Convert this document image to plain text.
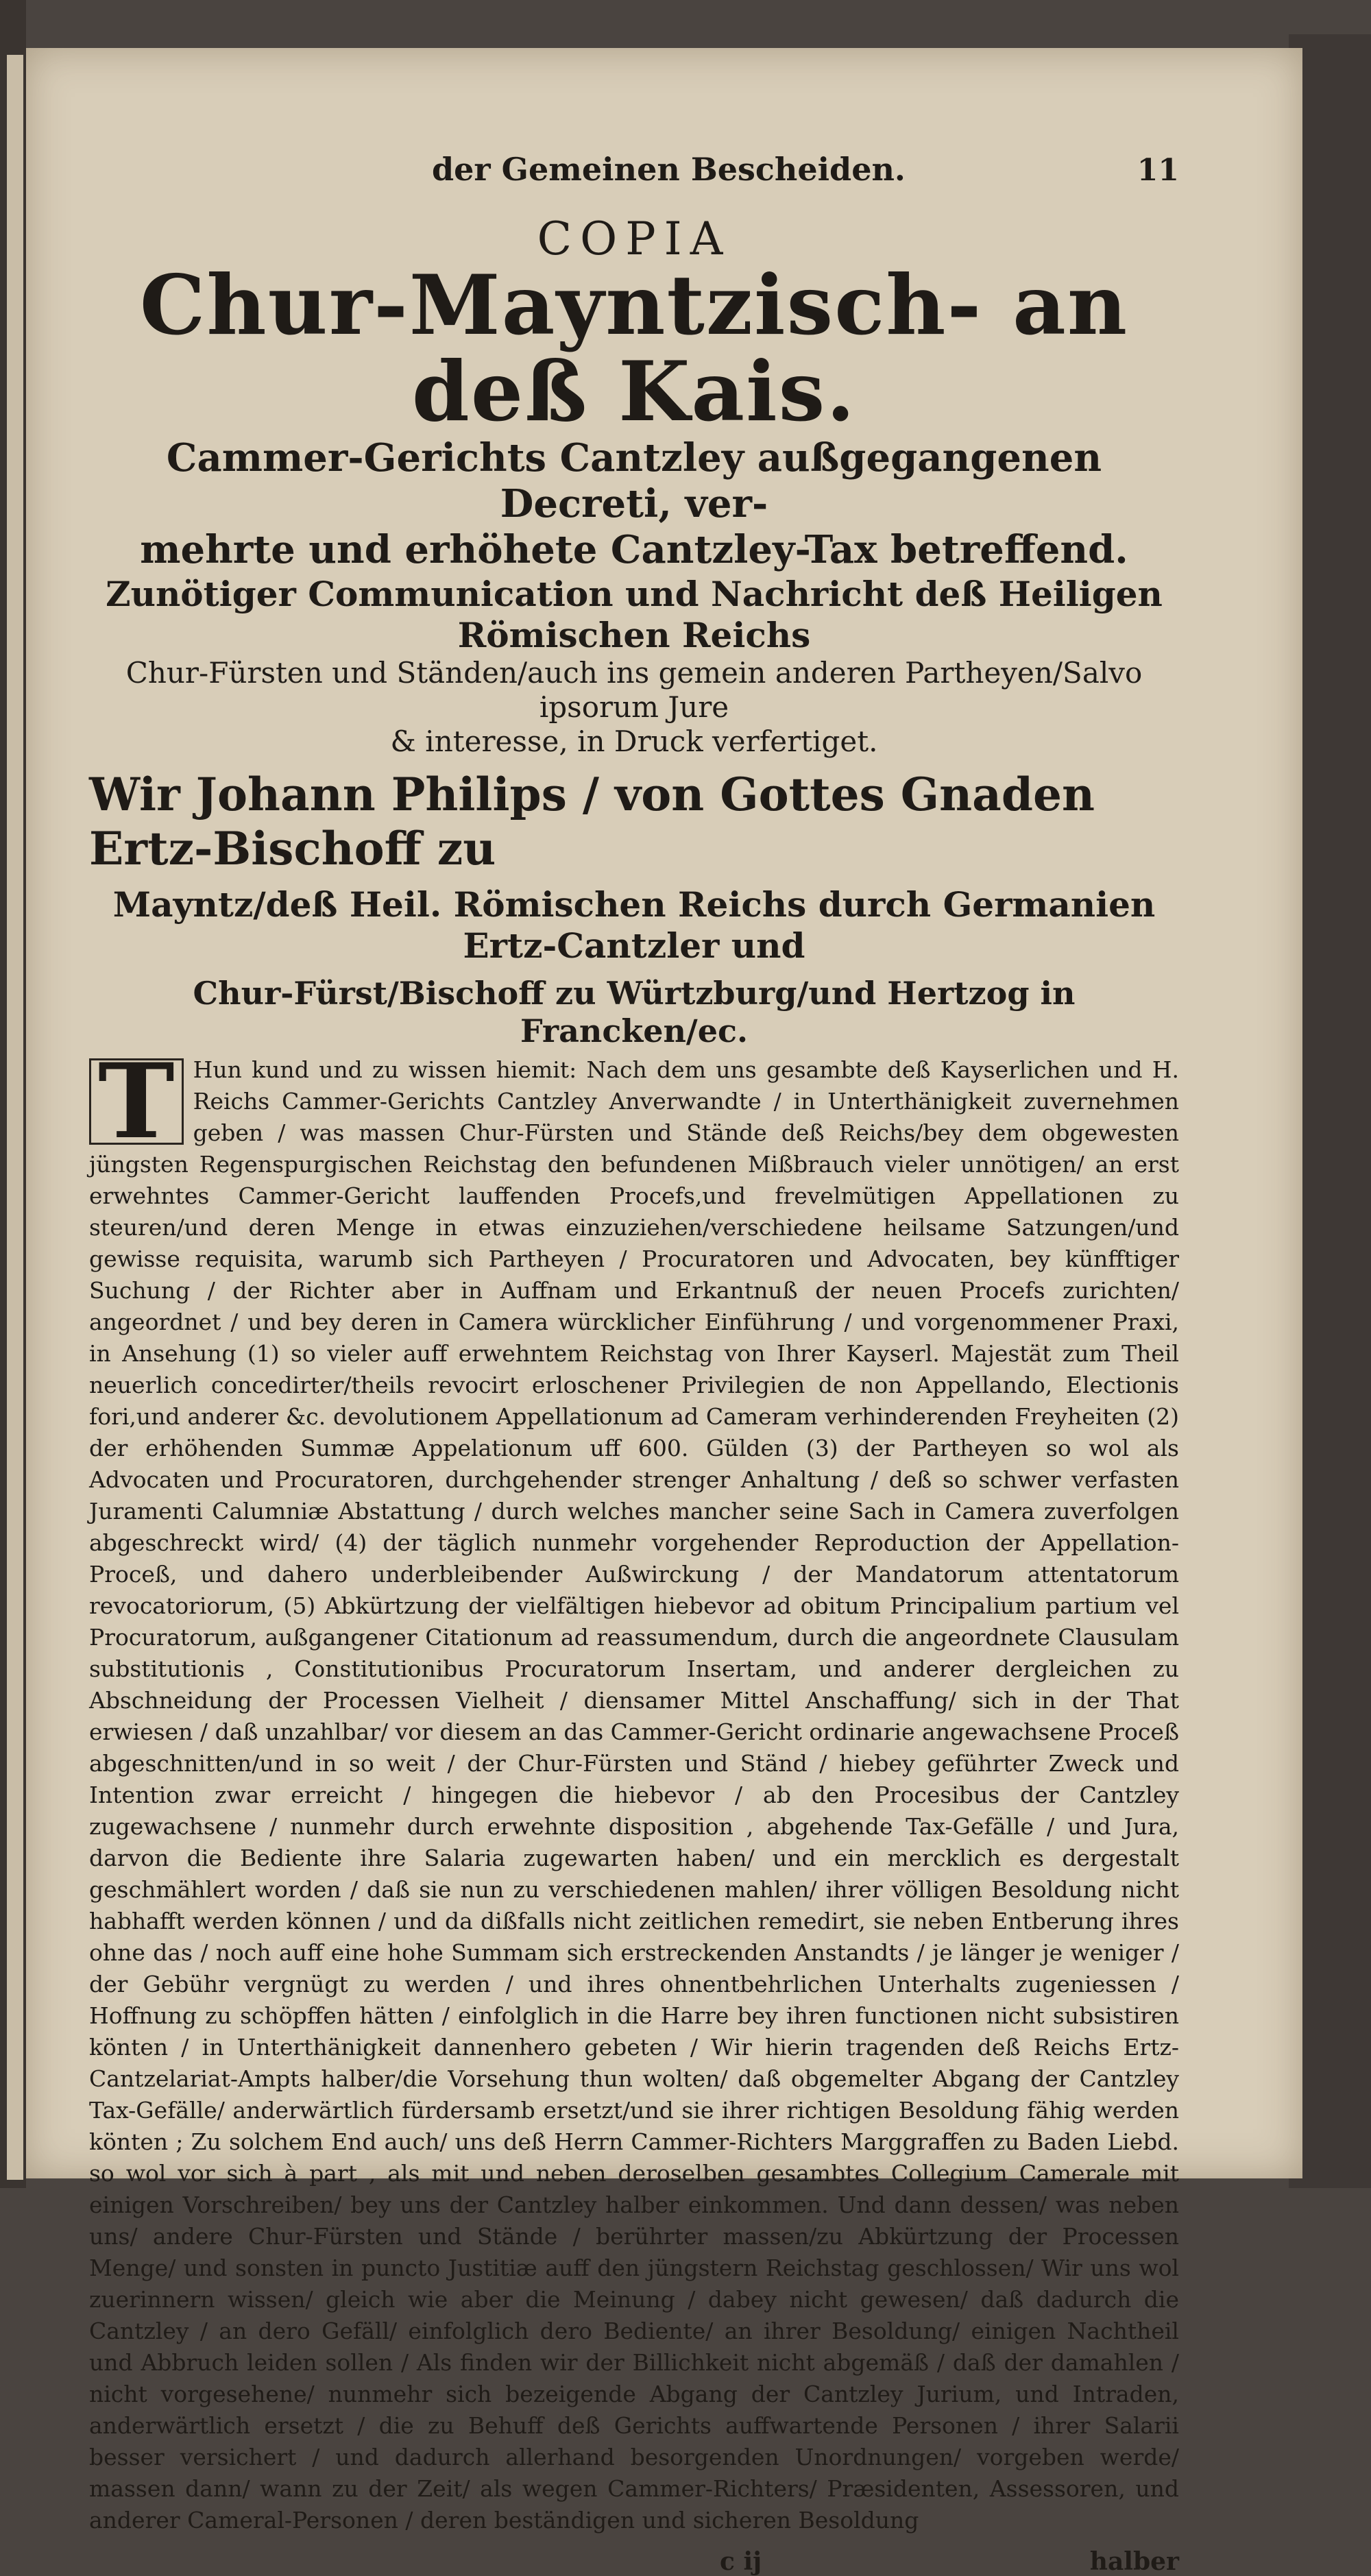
der Gemeinen Bescheiden.	11
COPIA
Chur-Mayntzisch- an deß Kais.
Cammer-Gerichts Cantzley außgegangenen Decreti, ver-
mehrte und erhöhete Cantzley-Tax betreffend.
Zunötiger Communication und Nachricht deß Heiligen Römischen Reichs
Chur-Fürsten und Ständen/auch ins gemein anderen Partheyen/Salvo ipsorum Jure
& interesse, in Druck verfertiget.
Wir Johann Philips / von Gottes Gnaden Ertz-Bischoff zu
Mayntz/deß Heil. Römischen Reichs durch Germanien Ertz-Cantzler und
Chur-Fürst/Bischoff zu Würtzburg/und Hertzog in Francken/ec.
T Hun kund und zu wissen hiemit: Nach dem uns gesambte deß Kayserlichen und H. Reichs Cammer-Gerichts Cantzley Anverwandte / in Unterthänigkeit zuvernehmen geben / was massen Chur-Fürsten und Stände deß Reichs/bey dem obgewesten jüngsten Regenspurgischen Reichstag den befundenen Mißbrauch vieler unnötigen/ an erst erwehntes Cammer-Gericht lauffenden Procefs,und frevelmütigen Appellationen zu steuren/und deren Menge in etwas einzuziehen/verschiedene heilsame Satzungen/und gewisse requisita, warumb sich Partheyen / Procuratoren und Advocaten, bey künfftiger Suchung / der Richter aber in Auffnam und Erkantnuß der neuen Procefs zurichten/ angeordnet / und bey deren in Camera würcklicher Einführung / und vorgenommener Praxi, in Ansehung (1) so vieler auff erwehntem Reichstag von Ihrer Kayserl. Majestät zum Theil neuerlich concedirter/theils revocirt erloschener Privilegien de non Appellando, Electionis fori,und anderer &c. devolutionem Appellationum ad Cameram verhinderenden Freyheiten (2) der erhöhenden Summæ Appelationum uff 600. Gülden (3) der Partheyen so wol als Advocaten und Procuratoren, durchgehender strenger Anhaltung / deß so schwer verfasten Juramenti Calumniæ Abstattung / durch welches mancher seine Sach in Camera zuverfolgen abgeschreckt wird/ (4) der täglich nunmehr vorgehender Reproduction der Appellation-Proceß, und dahero underbleibender Außwirckung / der Mandatorum attentatorum revocatoriorum, (5) Abkürtzung der vielfältigen hiebevor ad obitum Principalium partium vel Procuratorum, außgangener Citationum ad reassumendum, durch die angeordnete Clausulam substitutionis , Constitutionibus Procuratorum Insertam, und anderer dergleichen zu Abschneidung der Processen Vielheit / diensamer Mittel Anschaffung/ sich in der That erwiesen / daß unzahlbar/ vor diesem an das Cammer-Gericht ordinarie angewachsene Proceß abgeschnitten/und in so weit / der Chur-Fürsten und Ständ / hiebey geführter Zweck und Intention zwar erreicht / hingegen die hiebevor / ab den Procesibus der Cantzley zugewachsene / nunmehr durch erwehnte disposition , abgehende Tax-Gefälle / und Jura, darvon die Bediente ihre Salaria zugewarten haben/ und ein mercklich es dergestalt geschmählert worden / daß sie nun zu verschiedenen mahlen/ ihrer völligen Besoldung nicht habhafft werden können / und da dißfalls nicht zeitlichen remedirt, sie neben Entberung ihres ohne das / noch auff eine hohe Summam sich erstreckenden Anstandts / je länger je weniger / der Gebühr vergnügt zu werden / und ihres ohnentbehrlichen Unterhalts zugeniessen / Hoffnung zu schöpffen hätten / einfolglich in die Harre bey ihren functionen nicht subsistiren könten / in Unterthänigkeit dannenhero gebeten / Wir hierin tragenden deß Reichs Ertz-Cantzelariat-Ampts halber/die Vorsehung thun wolten/ daß obgemelter Abgang der Cantzley Tax-Gefälle/ anderwärtlich fürdersamb ersetzt/und sie ihrer richtigen Besoldung fähig werden könten ; Zu solchem End auch/ uns deß Herrn Cammer-Richters Marggraffen zu Baden Liebd. so wol vor sich à part , als mit und neben deroselben gesambtes Collegium Camerale mit einigen Vorschreiben/ bey uns der Cantzley halber einkommen. Und dann dessen/ was neben uns/ andere Chur-Fürsten und Stände / berührter massen/zu Abkürtzung der Processen Menge/ und sonsten in puncto Justitiæ auff den jüngstern Reichstag geschlossen/ Wir uns wol zuerinnern wissen/ gleich wie aber die Meinung / dabey nicht gewesen/ daß dadurch die Cantzley / an dero Gefäll/ einfolglich dero Bediente/ an ihrer Besoldung/ einigen Nachtheil und Abbruch leiden sollen / Als finden wir der Billichkeit nicht abgemäß / daß der damahlen / nicht vorgesehene/ nunmehr sich bezeigende Abgang der Cantzley Jurium, und Intraden, anderwärtlich ersetzt / die zu Behuff deß Gerichts auffwartende Personen / ihrer Salarii besser versichert / und dadurch allerhand besorgenden Unordnungen/ vorgeben werde/ massen dann/ wann zu der Zeit/ als wegen Cammer-Richters/ Præsidenten, Assessoren, und anderer Cameral-Personen / deren beständigen und sicheren Besoldung

c ij	halber
